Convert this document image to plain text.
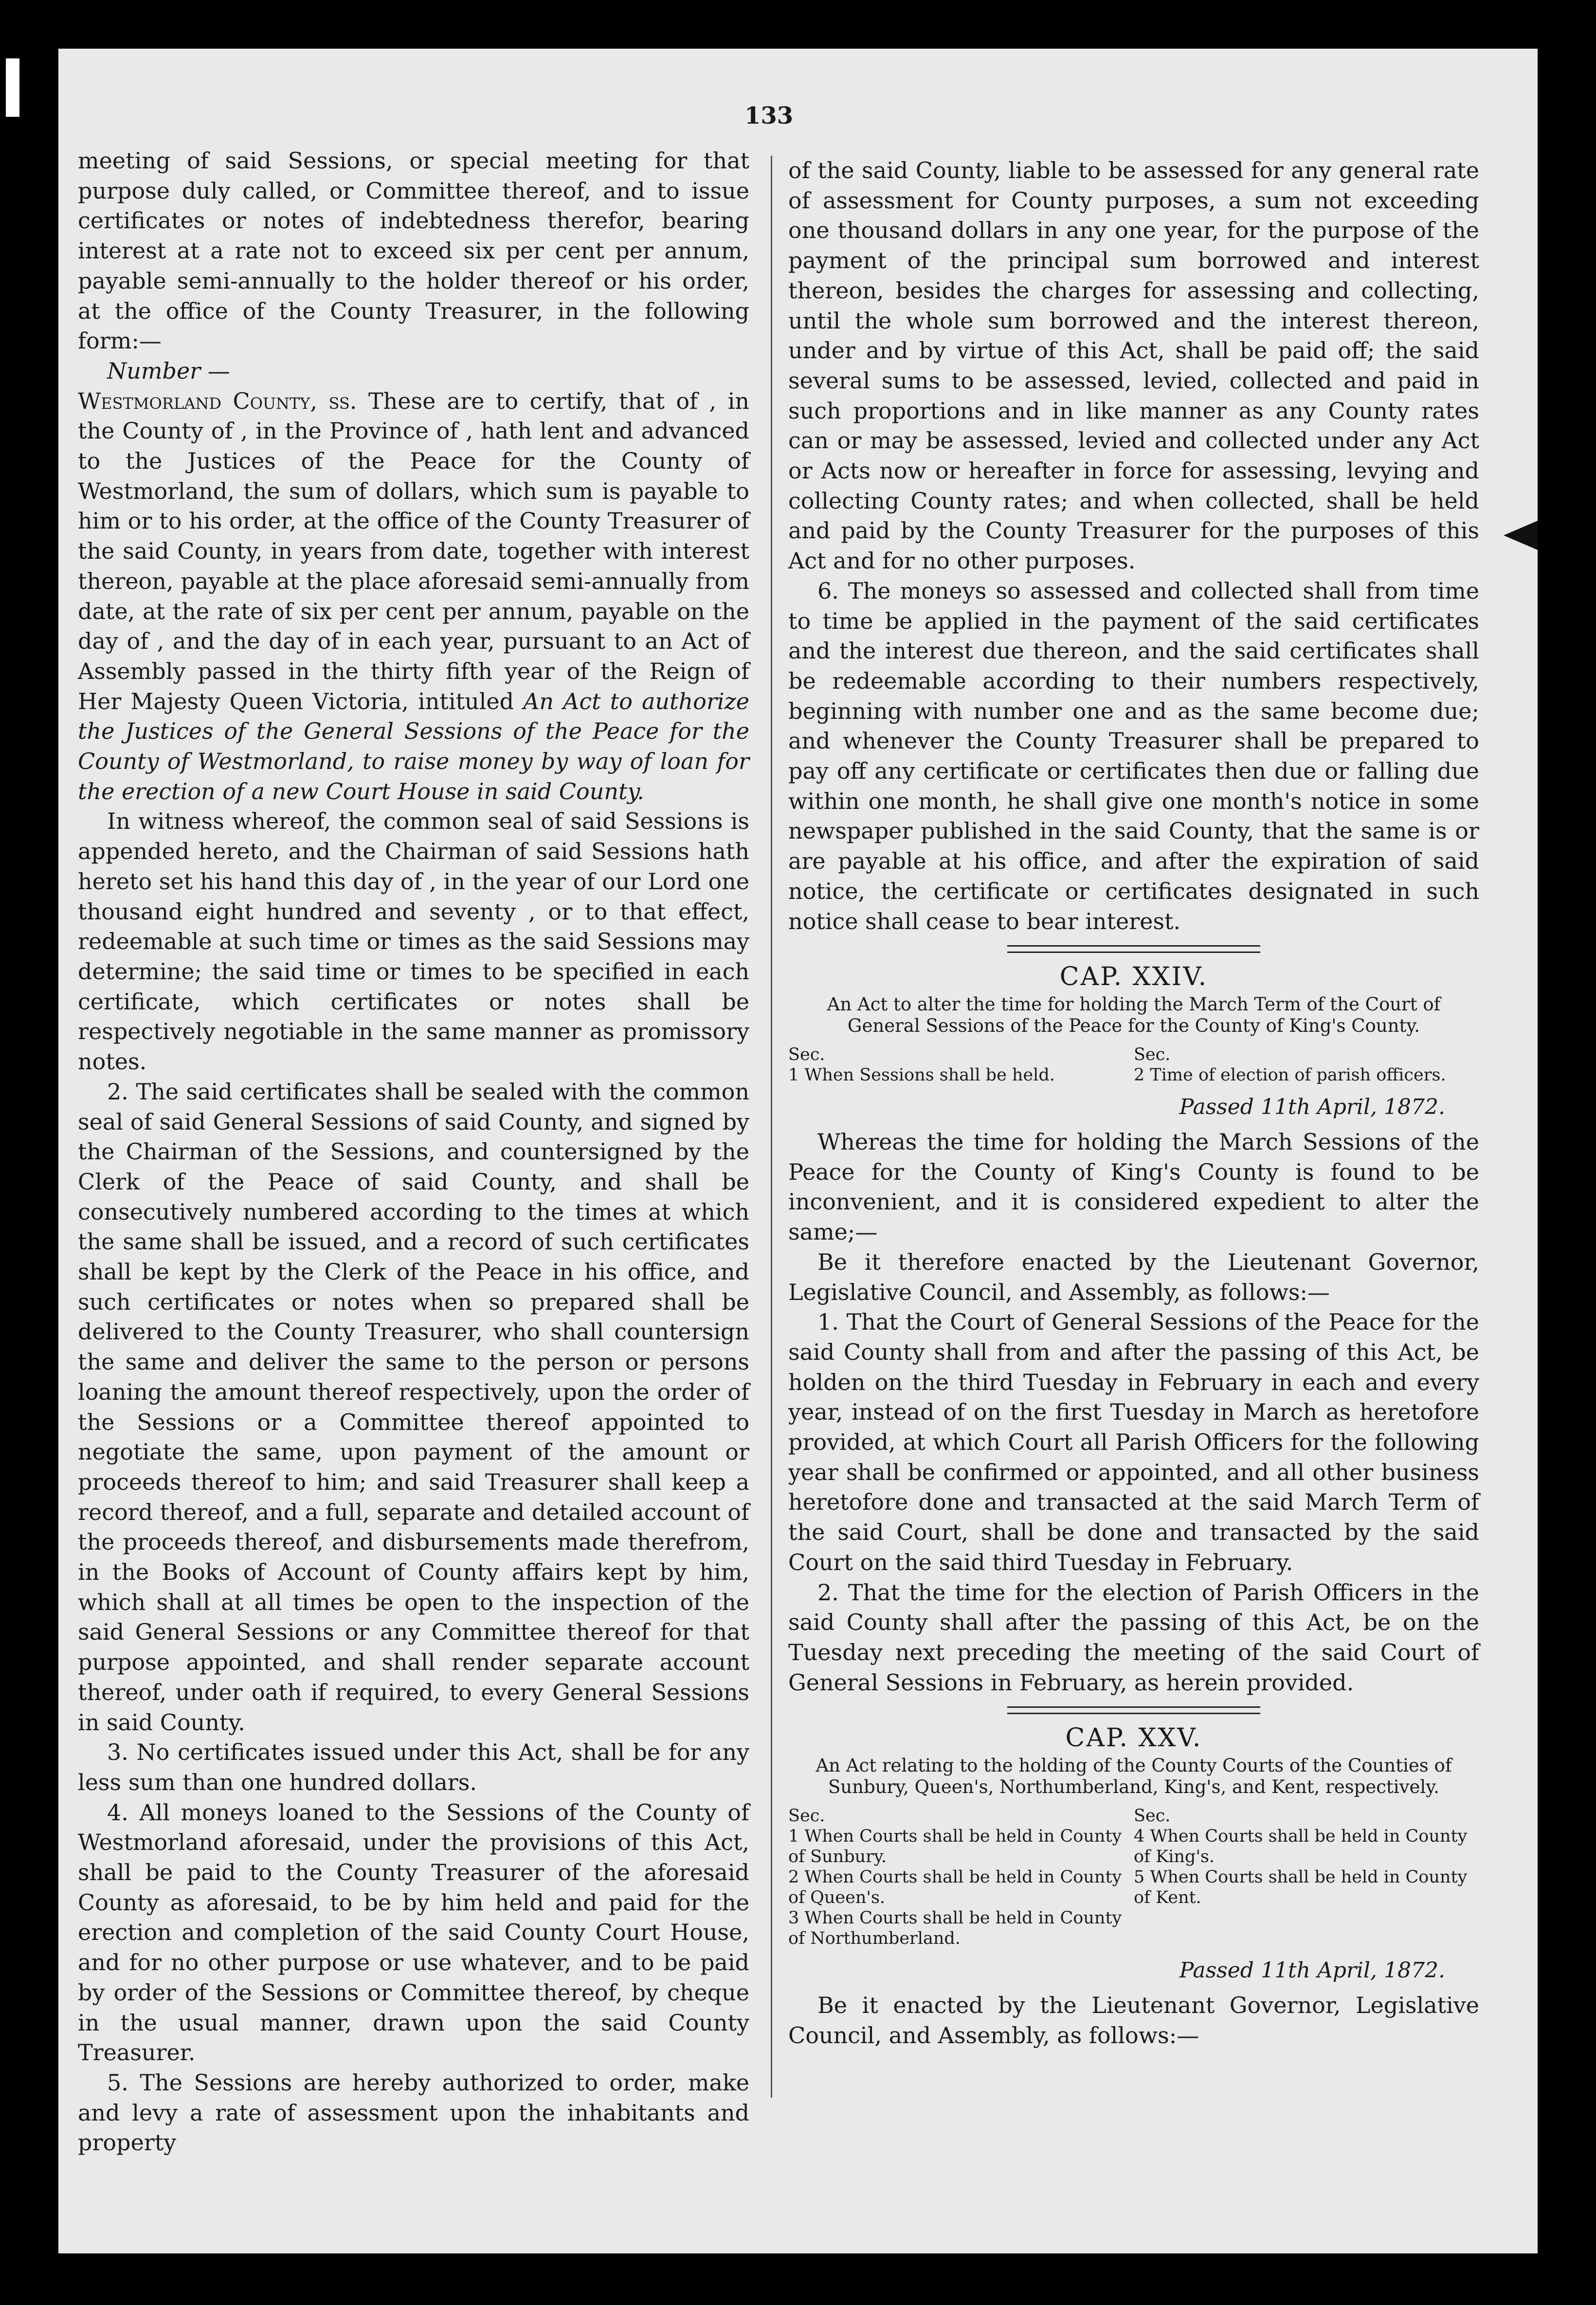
133

meeting of said Sessions, or special meeting for that purpose duly called, or Committee thereof, and to issue certificates or notes of indebtedness therefor, bearing interest at a rate not to exceed six per cent per annum, payable semi-annually to the holder thereof or his order, at the office of the County Treasurer, in the following form:—

Number —

Westmorland County, ss. These are to certify, that of , in the County of , in the Province of , hath lent and advanced to the Justices of the Peace for the County of Westmorland, the sum of dollars, which sum is payable to him or to his order, at the office of the County Treasurer of the said County, in years from date, together with interest thereon, payable at the place aforesaid semi-annually from date, at the rate of six per cent per annum, payable on the day of , and the day of in each year, pursuant to an Act of Assembly passed in the thirty fifth year of the Reign of Her Majesty Queen Victoria, intituled An Act to authorize the Justices of the General Sessions of the Peace for the County of Westmorland, to raise money by way of loan for the erection of a new Court House in said County.

In witness whereof, the common seal of said Sessions is appended hereto, and the Chairman of said Sessions hath hereto set his hand this day of , in the year of our Lord one thousand eight hundred and seventy , or to that effect, redeemable at such time or times as the said Sessions may determine; the said time or times to be specified in each certificate, which certificates or notes shall be respectively negotiable in the same manner as promissory notes.

2. The said certificates shall be sealed with the common seal of said General Sessions of said County, and signed by the Chairman of the Sessions, and countersigned by the Clerk of the Peace of said County, and shall be consecutively numbered according to the times at which the same shall be issued, and a record of such certificates shall be kept by the Clerk of the Peace in his office, and such certificates or notes when so prepared shall be delivered to the County Treasurer, who shall countersign the same and deliver the same to the person or persons loaning the amount thereof respectively, upon the order of the Sessions or a Committee thereof appointed to negotiate the same, upon payment of the amount or proceeds thereof to him; and said Treasurer shall keep a record thereof, and a full, separate and detailed account of the proceeds thereof, and disbursements made therefrom, in the Books of Account of County affairs kept by him, which shall at all times be open to the inspection of the said General Sessions or any Committee thereof for that purpose appointed, and shall render separate account thereof, under oath if required, to every General Sessions in said County.

3. No certificates issued under this Act, shall be for any less sum than one hundred dollars.

4. All moneys loaned to the Sessions of the County of Westmorland aforesaid, under the provisions of this Act, shall be paid to the County Treasurer of the aforesaid County as aforesaid, to be by him held and paid for the erection and completion of the said County Court House, and for no other purpose or use whatever, and to be paid by order of the Sessions or Committee thereof, by cheque in the usual manner, drawn upon the said County Treasurer.

5. The Sessions are hereby authorized to order, make and levy a rate of assessment upon the inhabitants and property

of the said County, liable to be assessed for any general rate of assessment for County purposes, a sum not exceeding one thousand dollars in any one year, for the purpose of the payment of the principal sum borrowed and interest thereon, besides the charges for assessing and collecting, until the whole sum borrowed and the interest thereon, under and by virtue of this Act, shall be paid off; the said several sums to be assessed, levied, collected and paid in such proportions and in like manner as any County rates can or may be assessed, levied and collected under any Act or Acts now or hereafter in force for assessing, levying and collecting County rates; and when collected, shall be held and paid by the County Treasurer for the purposes of this Act and for no other purposes.

6. The moneys so assessed and collected shall from time to time be applied in the payment of the said certificates and the interest due thereon, and the said certificates shall be redeemable according to their numbers respectively, beginning with number one and as the same become due; and whenever the County Treasurer shall be prepared to pay off any certificate or certificates then due or falling due within one month, he shall give one month's notice in some newspaper published in the said County, that the same is or are payable at his office, and after the expiration of said notice, the certificate or certificates designated in such notice shall cease to bear interest.

CAP. XXIV.
An Act to alter the time for holding the March Term of the Court of General Sessions of the Peace for the County of King's County.

Sec.

1 When Sessions shall be held.

Sec.

2 Time of election of parish officers.

Passed 11th April, 1872.

Whereas the time for holding the March Sessions of the Peace for the County of King's County is found to be inconvenient, and it is considered expedient to alter the same;—

Be it therefore enacted by the Lieutenant Governor, Legislative Council, and Assembly, as follows:—

1. That the Court of General Sessions of the Peace for the said County shall from and after the passing of this Act, be holden on the third Tuesday in February in each and every year, instead of on the first Tuesday in March as heretofore provided, at which Court all Parish Officers for the following year shall be confirmed or appointed, and all other business heretofore done and transacted at the said March Term of the said Court, shall be done and transacted by the said Court on the said third Tuesday in February.

2. That the time for the election of Parish Officers in the said County shall after the passing of this Act, be on the Tuesday next preceding the meeting of the said Court of General Sessions in February, as herein provided.

CAP. XXV.
An Act relating to the holding of the County Courts of the Counties of Sunbury, Queen's, Northumberland, King's, and Kent, respectively.

Sec.

1 When Courts shall be held in County of Sunbury.

2 When Courts shall be held in County of Queen's.

3 When Courts shall be held in County of Northumberland.

Sec.

4 When Courts shall be held in County of King's.

5 When Courts shall be held in County of Kent.

Passed 11th April, 1872.

Be it enacted by the Lieutenant Governor, Legislative Council, and Assembly, as follows:—
